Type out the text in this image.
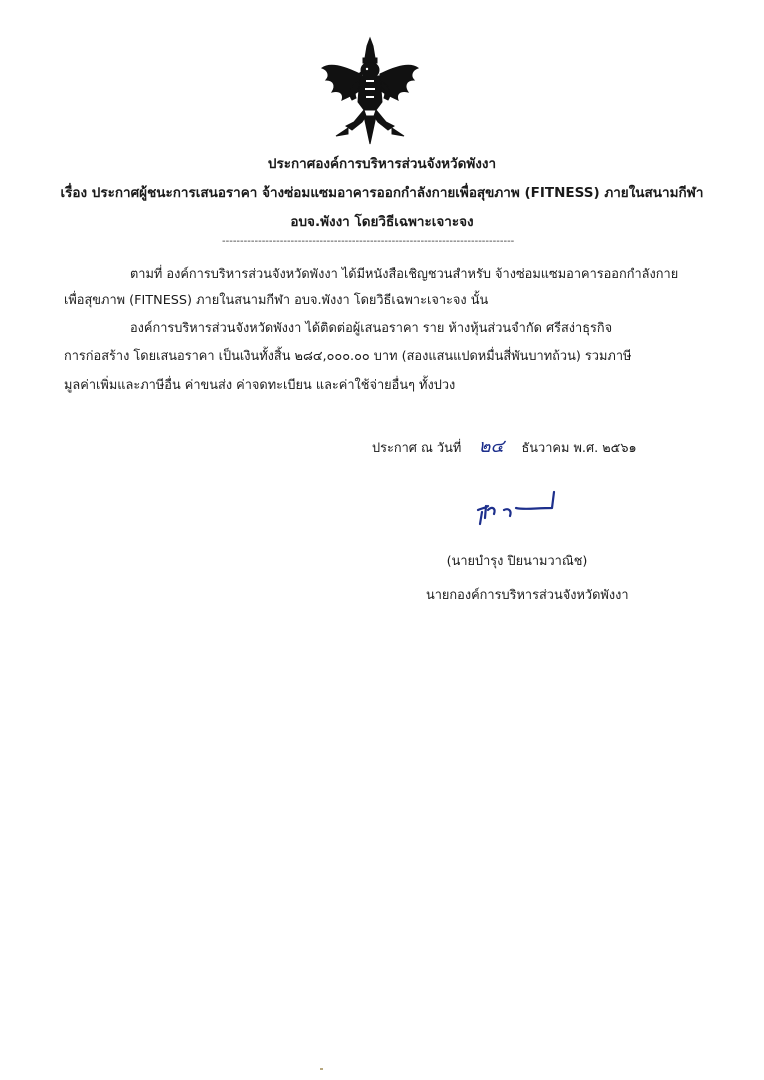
ประกาศองค์การบริหารส่วนจังหวัดพังงา
เรื่อง ประกาศผู้ชนะการเสนอราคา จ้างซ่อมแซมอาคารออกกำลังกายเพื่อสุขภาพ (FITNESS) ภายในสนามกีฬา
อบจ.พังงา โดยวิธีเฉพาะเจาะจง
---------------------------------------------------------------------------------
ตามที่ องค์การบริหารส่วนจังหวัดพังงา ได้มีหนังสือเชิญชวนสำหรับ จ้างซ่อมแซมอาคารออกกำลังกาย
เพื่อสุขภาพ (FITNESS) ภายในสนามกีฬา อบจ.พังงา โดยวิธีเฉพาะเจาะจง นั้น
องค์การบริหารส่วนจังหวัดพังงา ได้ติดต่อผู้เสนอราคา ราย ห้างหุ้นส่วนจำกัด ศรีสง่าธุรกิจ
การก่อสร้าง โดยเสนอราคา เป็นเงินทั้งสิ้น ๒๘๔,๐๐๐.๐๐ บาท (สองแสนแปดหมื่นสี่พันบาทถ้วน) รวมภาษี
มูลค่าเพิ่มและภาษีอื่น ค่าขนส่ง ค่าจดทะเบียน และค่าใช้จ่ายอื่นๆ ทั้งปวง
ประกาศ ณ วันที่ ๒๔ ธันวาคม พ.ศ. ๒๕๖๑
(นายบำรุง ปิยนามวาณิช)
นายกองค์การบริหารส่วนจังหวัดพังงา
